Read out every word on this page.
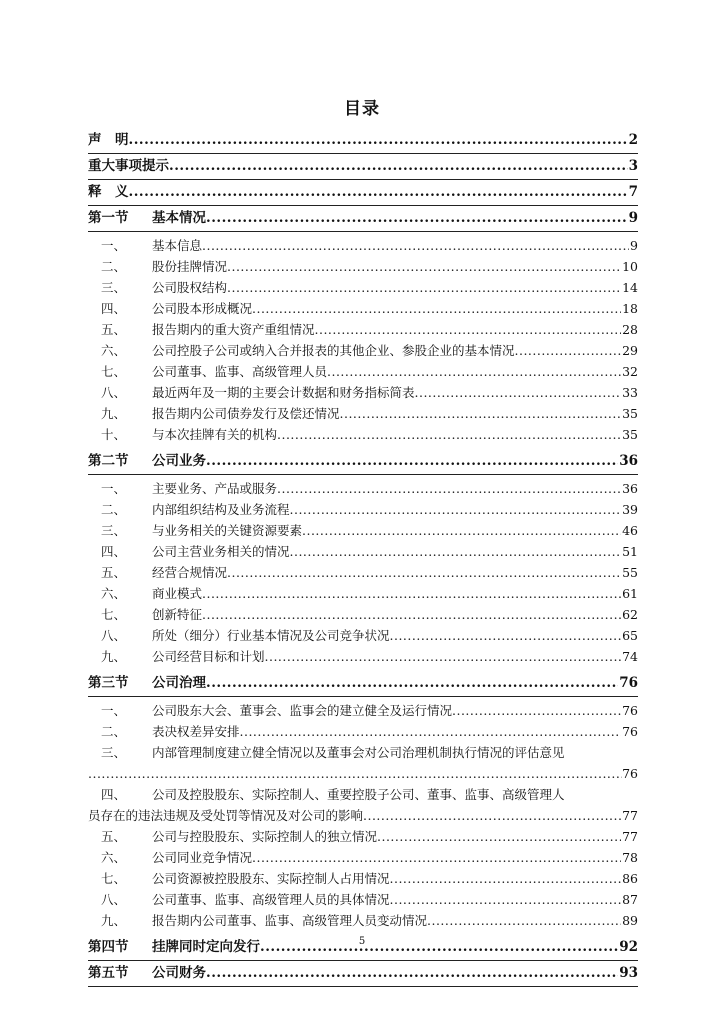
目录
声　明 .....	2
重大事项提示 .....	3
释　义 .....	7
第一节	基本情况 .....	9
一、	基本信息 .....	9
二、	股份挂牌情况 .....	10
三、	公司股权结构 .....	14
四、	公司股本形成概况 .....	18
五、	报告期内的重大资产重组情况 .....	28
六、	公司控股子公司或纳入合并报表的其他企业、参股企业的基本情况 .....	29
七、	公司董事、监事、高级管理人员 .....	32
八、	最近两年及一期的主要会计数据和财务指标简表 .....	33
九、	报告期内公司债券发行及偿还情况 .....	35
十、	与本次挂牌有关的机构 .....	35
第二节	公司业务 .....	36
一、	主要业务、产品或服务 .....	36
二、	内部组织结构及业务流程 .....	39
三、	与业务相关的关键资源要素 .....	46
四、	公司主营业务相关的情况 .....	51
五、	经营合规情况 .....	55
六、	商业模式 .....	61
七、	创新特征 .....	62
八、	所处（细分）行业基本情况及公司竞争状况 .....	65
九、	公司经营目标和计划 .....	74
第三节	公司治理 .....	76
一、	公司股东大会、董事会、监事会的建立健全及运行情况 .....	76
二、	表决权差异安排 .....	76
三、 内部管理制度建立健全情况以及董事会对公司治理机制执行情况的评估意见
.....
76
四、 公司及控股股东、实际控制人、重要控股子公司、董事、监事、高级管理人
员存在的违法违规及受处罚等情况及对公司的影响 .....	77
五、	公司与控股股东、实际控制人的独立情况 .....	77
六、	公司同业竞争情况 .....	78
七、	公司资源被控股股东、实际控制人占用情况 .....	86
八、	公司董事、监事、高级管理人员的具体情况 .....	87
九、	报告期内公司董事、监事、高级管理人员变动情况 .....	89
第四节	挂牌同时定向发行 .....	92
第五节	公司财务 .....	93
5
